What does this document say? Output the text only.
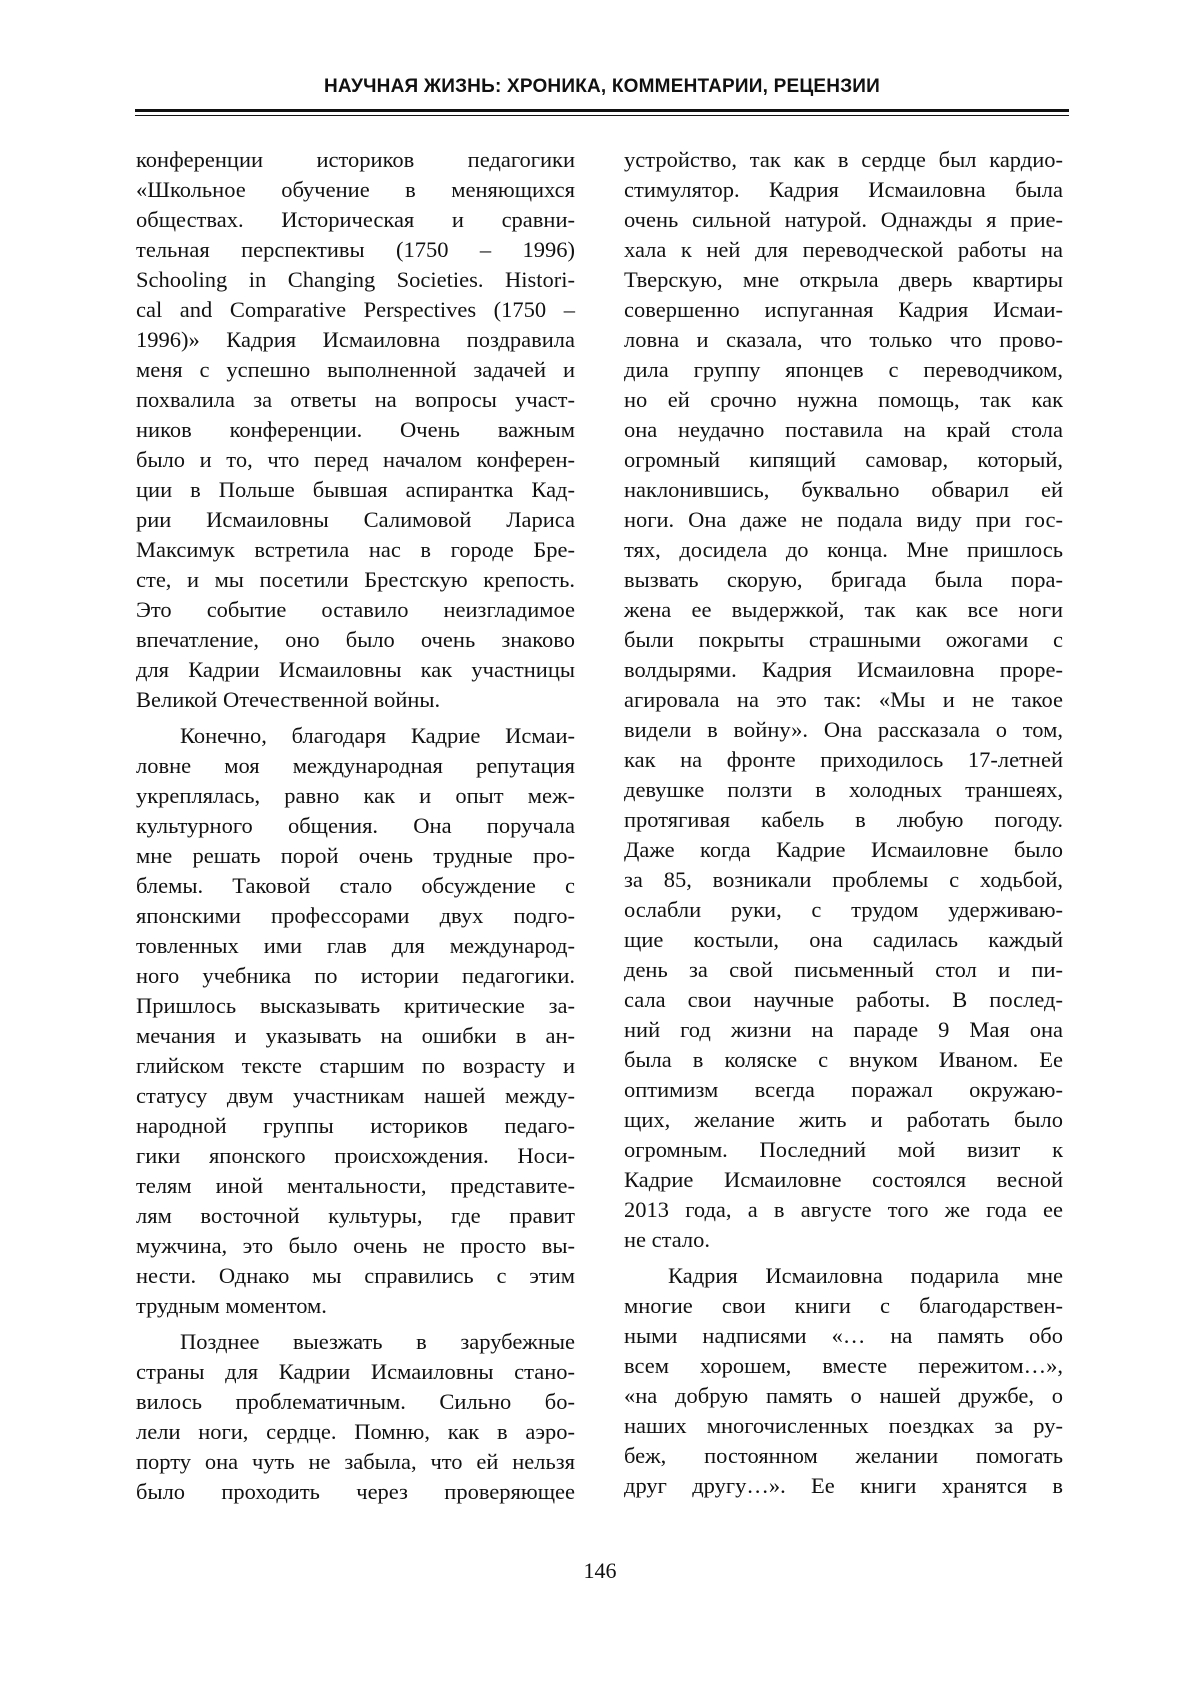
НАУЧНАЯ ЖИЗНЬ: ХРОНИКА, КОММЕНТАРИИ, РЕЦЕНЗИИ
конференции историков педагогики
«Школьное обучение в меняющихся
обществах. Историческая и сравни-
тельная перспективы (1750 – 1996)
Schooling in Changing Societies. Histori-
cal and Comparative Perspectives (1750 –
1996)» Кадрия Исмаиловна поздравила
меня с успешно выполненной задачей и
похвалила за ответы на вопросы участ-
ников конференции. Очень важным
было и то, что перед началом конферен-
ции в Польше бывшая аспирантка Кад-
рии Исмаиловны Салимовой Лариса
Максимук встретила нас в городе Бре-
сте, и мы посетили Брестскую крепость.
Это событие оставило неизгладимое
впечатление, оно было очень знаково
для Кадрии Исмаиловны как участницы
Великой Отечественной войны.
Конечно, благодаря Кадрие Исмаи-
ловне моя международная репутация
укреплялась, равно как и опыт меж-
культурного общения. Она поручала
мне решать порой очень трудные про-
блемы. Таковой стало обсуждение с
японскими профессорами двух подго-
товленных ими глав для международ-
ного учебника по истории педагогики.
Пришлось высказывать критические за-
мечания и указывать на ошибки в ан-
глийском тексте старшим по возрасту и
статусу двум участникам нашей между-
народной группы историков педаго-
гики японского происхождения. Носи-
телям иной ментальности, представите-
лям восточной культуры, где правит
мужчина, это было очень не просто вы-
нести. Однако мы справились с этим
трудным моментом.
Позднее выезжать в зарубежные
страны для Кадрии Исмаиловны стано-
вилось проблематичным. Сильно бо-
лели ноги, сердце. Помню, как в аэро-
порту она чуть не забыла, что ей нельзя
было проходить через проверяющее
устройство, так как в сердце был кардио-
стимулятор. Кадрия Исмаиловна была
очень сильной натурой. Однажды я прие-
хала к ней для переводческой работы на
Тверскую, мне открыла дверь квартиры
совершенно испуганная Кадрия Исмаи-
ловна и сказала, что только что прово-
дила группу японцев с переводчиком,
но ей срочно нужна помощь, так как
она неудачно поставила на край стола
огромный кипящий самовар, который,
наклонившись, буквально обварил ей
ноги. Она даже не подала виду при гос-
тях, досидела до конца. Мне пришлось
вызвать скорую, бригада была пора-
жена ее выдержкой, так как все ноги
были покрыты страшными ожогами с
волдырями. Кадрия Исмаиловна проре-
агировала на это так: «Мы и не такое
видели в войну». Она рассказала о том,
как на фронте приходилось 17-летней
девушке ползти в холодных траншеях,
протягивая кабель в любую погоду.
Даже когда Кадрие Исмаиловне было
за 85, возникали проблемы с ходьбой,
ослабли руки, с трудом удерживаю-
щие костыли, она садилась каждый
день за свой письменный стол и пи-
сала свои научные работы. В послед-
ний год жизни на параде 9 Мая она
была в коляске с внуком Иваном. Ее
оптимизм всегда поражал окружаю-
щих, желание жить и работать было
огромным. Последний мой визит к
Кадрие Исмаиловне состоялся весной
2013 года, а в августе того же года ее
не стало.
Кадрия Исмаиловна подарила мне
многие свои книги с благодарствен-
ными надписями «… на память обо
всем хорошем, вместе пережитом…»,
«на добрую память о нашей дружбе, о
наших многочисленных поездках за ру-
беж, постоянном желании помогать
друг другу…». Ее книги хранятся в
146
